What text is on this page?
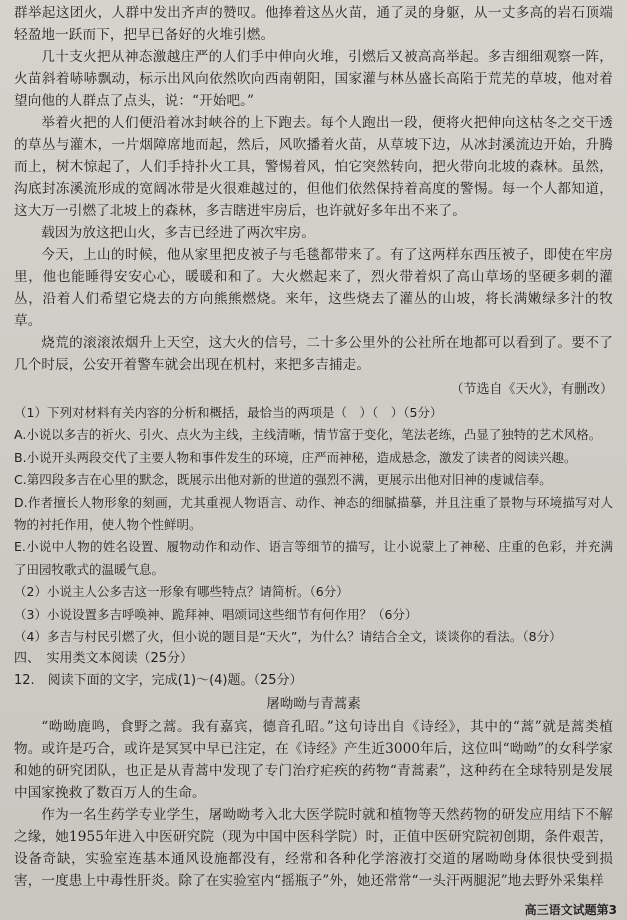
群举起这团火，人群中发出齐声的赞叹。他捧着这丛火苗，通了灵的身躯，从一丈多高的岩石顶端轻盈地一跃而下，把早已备好的火堆引燃。

几十支火把从神态激越庄严的人们手中伸向火堆，引燃后又被高高举起。多吉细细观察一阵，火苗斜着哧哧飘动，标示出风向依然吹向西南朝阳，国家灌与林丛盛长高陷于荒芜的草坡，他对着望向他的人群点了点头，说：“开始吧。”

举着火把的人们便沿着冰封峡谷的上下跑去。每个人跑出一段，便将火把伸向这枯冬之交干透的草丛与灌木，一片烟障席地而起，然后，风吹播着火苗，从草坡下边，从冰封溪流边开始，升腾而上，树木惊起了，人们手持扑火工具，警惕着风，怕它突然转向，把火带向北坡的森林。虽然，沟底封冻溪流形成的宽阔冰带是火很难越过的，但他们依然保持着高度的警惕。每一个人都知道，这大万一引燃了北坡上的森林，多吉瞎进牢房后，也许就好多年出不来了。

载因为放这把山火，多吉已经进了两次牢房。

今天，上山的时候，他从家里把皮被子与毛毯都带来了。有了这两样东西压被子，即使在牢房里，他也能睡得安安心心，暖暖和和了。大火燃起来了，烈火带着炽了高山草场的坚硬多刺的灌丛，沿着人们希望它烧去的方向熊熊燃烧。来年，这些烧去了灌丛的山坡，将长满嫩绿多汁的牧草。

烧荒的滚滚浓烟升上天空，这大火的信号，二十多公里外的公社所在地都可以看到了。要不了几个时辰，公安开着警车就会出现在机村，来把多吉捕走。

（节选自《天火》，有删改）

（1）下列对材料有关内容的分析和概括，最恰当的两项是（　）（　）（5分）

A.小说以多吉的祈火、引火、点火为主线，主线清晰，情节富于变化，笔法老练，凸显了独特的艺术风格。

B.小说开头两段交代了主要人物和事件发生的环境，庄严而神秘，造成悬念，激发了读者的阅读兴趣。

C.第四段多吉在心里的默念，既展示出他对新的世道的强烈不满，更展示出他对旧神的虔诚信奉。

D.作者擅长人物形象的刻画，尤其重视人物语言、动作、神态的细腻描摹，并且注重了景物与环境描写对人物的衬托作用，使人物个性鲜明。

E.小说中人物的姓名设置、履物动作和动作、语言等细节的描写，让小说蒙上了神秘、庄重的色彩，并充满了田园牧歌式的温暖气息。

（2）小说主人公多吉这一形象有哪些特点？请简析。（6分）

（3）小说设置多吉呼唤神、跪拜神、唱颂词这些细节有何作用？（6分）

（4）多吉与村民引燃了火，但小说的题目是“天火”，为什么？请结合全文，谈谈你的看法。（8分）

四、　实用类文本阅读（25分）

12.　阅读下面的文字，完成(1)～(4)题。（25分）

屠呦呦与青蒿素

“呦呦鹿鸣，食野之蒿。我有嘉宾，德音孔昭。”这句诗出自《诗经》，其中的“蒿”就是蒿类植物。或许是巧合，或许是冥冥中早已注定，在《诗经》产生近3000年后，这位叫“呦呦”的女科学家和她的研究团队，也正是从青蒿中发现了专门治疗疟疾的药物“青蒿素”，这种药在全球特别是发展中国家挽救了数百万人的生命。

作为一名生药学专业学生，屠呦呦考入北大医学院时就和植物等天然药物的研发应用结下不解之缘，她1955年进入中医研究院（现为中国中医科学院）时，正值中医研究院初创期，条件艰苦，设备奇缺，实验室连基本通风设施都没有，经常和各种化学溶液打交道的屠呦呦身体很快受到损害，一度患上中毒性肝炎。除了在实验室内“摇瓶子”外，她还常常“一头汗两腿泥”地去野外采集样

高三语文试题第3
